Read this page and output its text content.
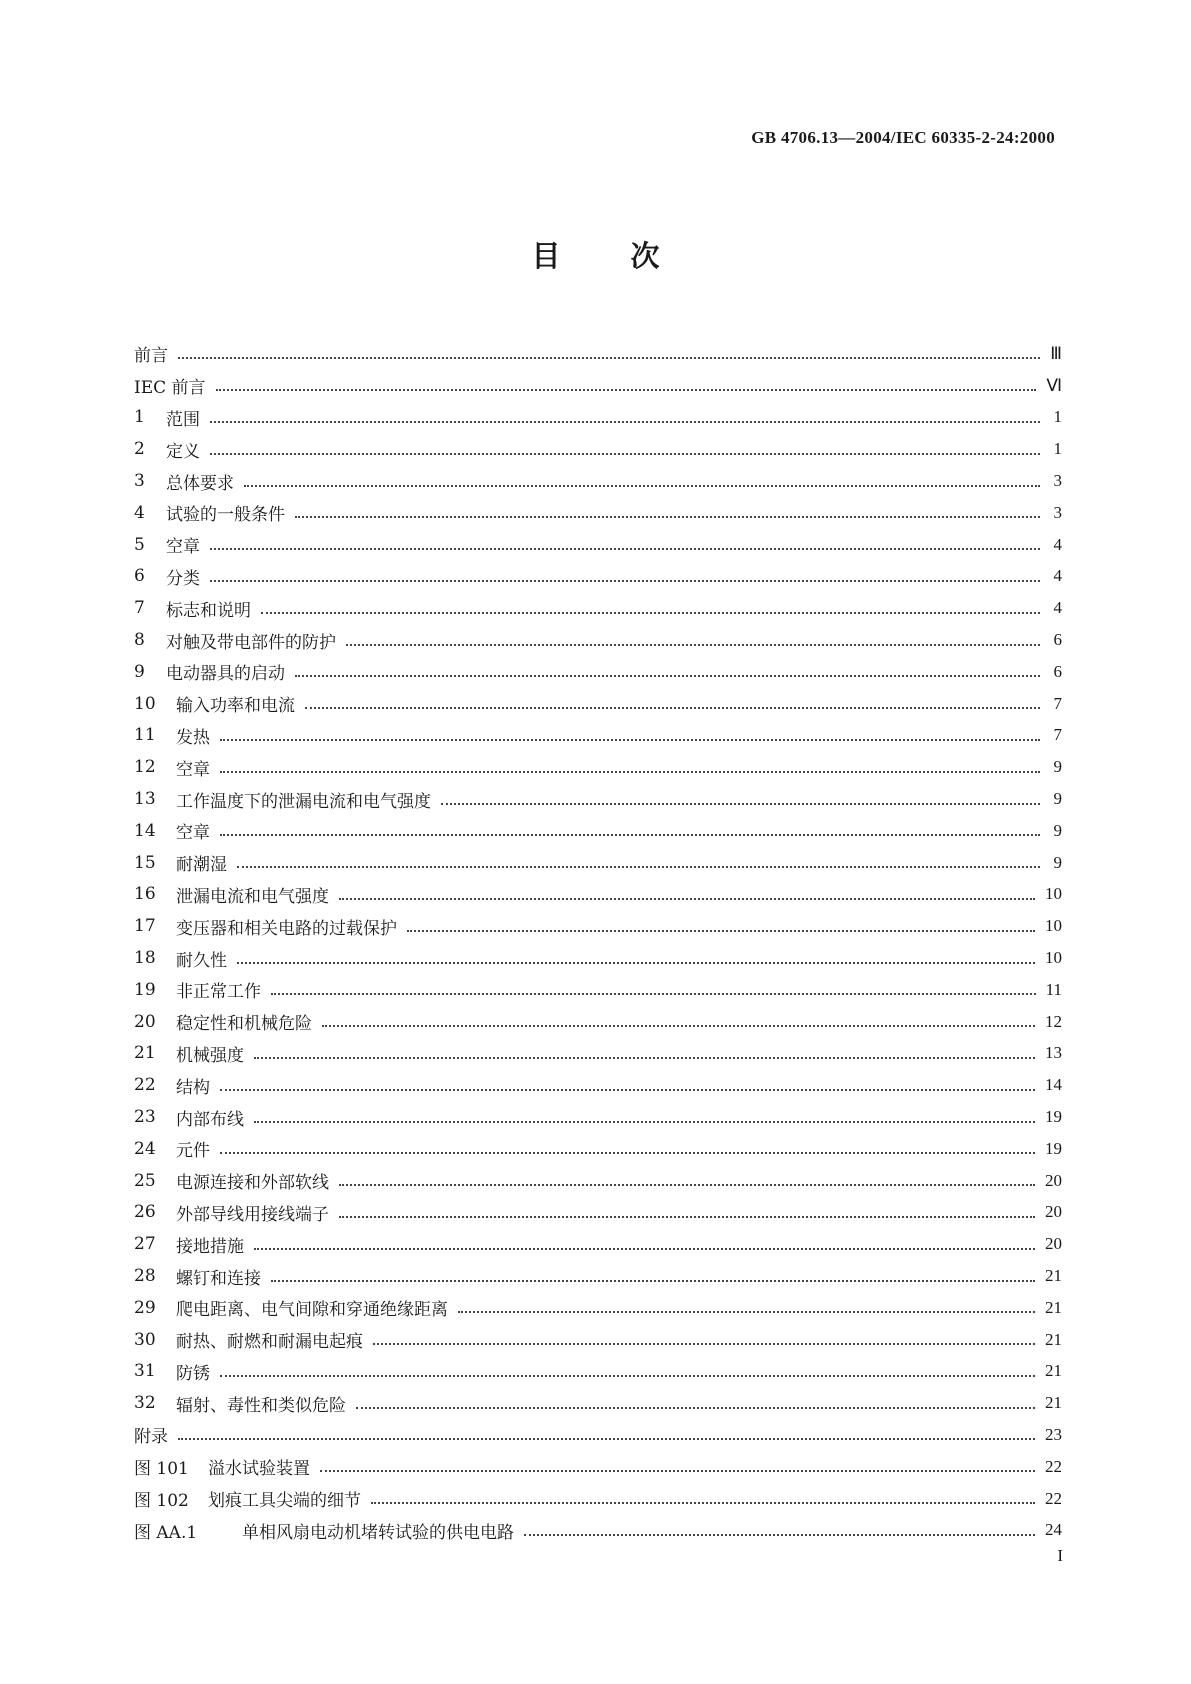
GB 4706.13—2004/IEC 60335-2-24:2000
目次
前言	Ⅲ
IEC 前言	Ⅵ
1	范围	1
2	定义	1
3	总体要求	3
4	试验的一般条件	3
5	空章	4
6	分类	4
7	标志和说明	4
8	对触及带电部件的防护	6
9	电动器具的启动	6
10	输入功率和电流	7
11	发热	7
12	空章	9
13	工作温度下的泄漏电流和电气强度	9
14	空章	9
15	耐潮湿	9
16	泄漏电流和电气强度	10
17	变压器和相关电路的过载保护	10
18	耐久性	10
19	非正常工作	11
20	稳定性和机械危险	12
21	机械强度	13
22	结构	14
23	内部布线	19
24	元件	19
25	电源连接和外部软线	20
26	外部导线用接线端子	20
27	接地措施	20
28	螺钉和连接	21
29	爬电距离、电气间隙和穿通绝缘距离	21
30	耐热、耐燃和耐漏电起痕	21
31	防锈	21
32	辐射、毒性和类似危险	21
附录	23
图 101	溢水试验装置	22
图 102	划痕工具尖端的细节	22
图 AA.1	单相风扇电动机堵转试验的供电电路	24
I
